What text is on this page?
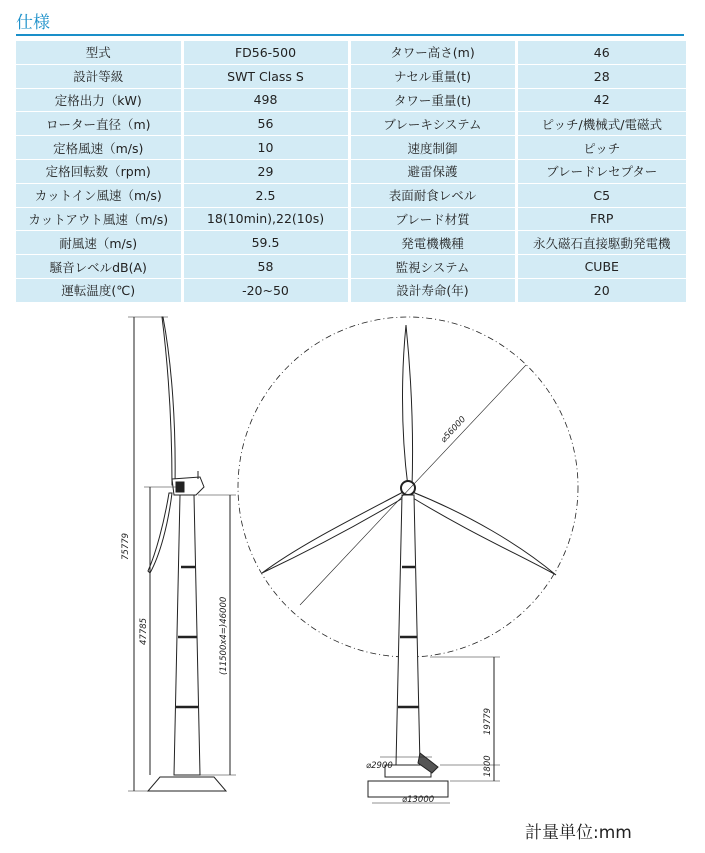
仕様
型式	FD56-500	タワー高さ(m)	46
設計等級	SWT Class S	ナセル重量(t)	28
定格出力（kW)	498	タワー重量(t)	42
ローター直径（m)	56	ブレーキシステム	ピッチ/機械式/電磁式
定格風速（m/s)	10	速度制御	ピッチ
定格回転数（rpm)	29	避雷保護	ブレードレセプター
カットイン風速（m/s)	2.5	表面耐食レベル	C5
カットアウト風速（m/s)	18(10min),22(10s)	ブレード材質	FRP
耐風速（m/s)	59.5	発電機機種	永久磁石直接駆動発電機
騒音レベルdB(A)	58	監視システム	CUBE
運転温度(℃)	-20~50	設計寿命(年)	20
75779
47785	(11500x4=)46000
⌀56000
19779
1800
⌀2900
⌀13000
計量単位:mm
